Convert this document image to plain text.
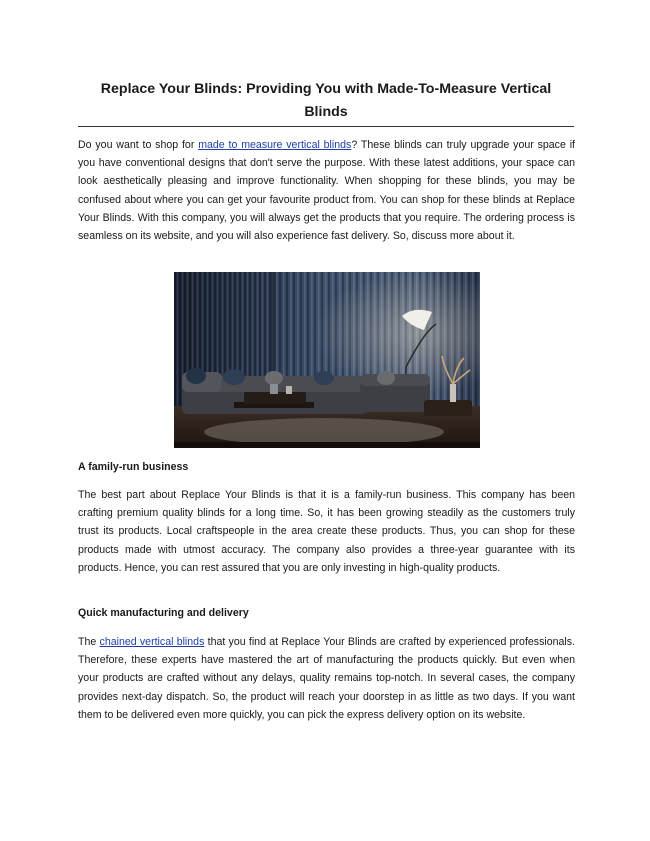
Replace Your Blinds: Providing You with Made-To-Measure Vertical Blinds

Do you want to shop for made to measure vertical blinds? These blinds can truly upgrade your space if you have conventional designs that don't serve the purpose. With these latest additions, your space can look aesthetically pleasing and improve functionality. When shopping for these blinds, you may be confused about where you can get your favourite product from. You can shop for these blinds at Replace Your Blinds. With this company, you will always get the products that you require. The ordering process is seamless on its website, and you will also experience fast delivery. So, discuss more about it.

A family-run business

The best part about Replace Your Blinds is that it is a family-run business. This company has been crafting premium quality blinds for a long time. So, it has been growing steadily as the customers truly trust its products. Local craftspeople in the area create these products. Thus, you can shop for these products made with utmost accuracy. The company also provides a three-year guarantee with its products. Hence, you can rest assured that you are only investing in high-quality products.

Quick manufacturing and delivery

The chained vertical blinds that you find at Replace Your Blinds are crafted by experienced professionals. Therefore, these experts have mastered the art of manufacturing the products quickly. But even when your products are crafted without any delays, quality remains top-notch. In several cases, the company provides next-day dispatch. So, the product will reach your doorstep in as little as two days. If you want them to be delivered even more quickly, you can pick the express delivery option on its website.
